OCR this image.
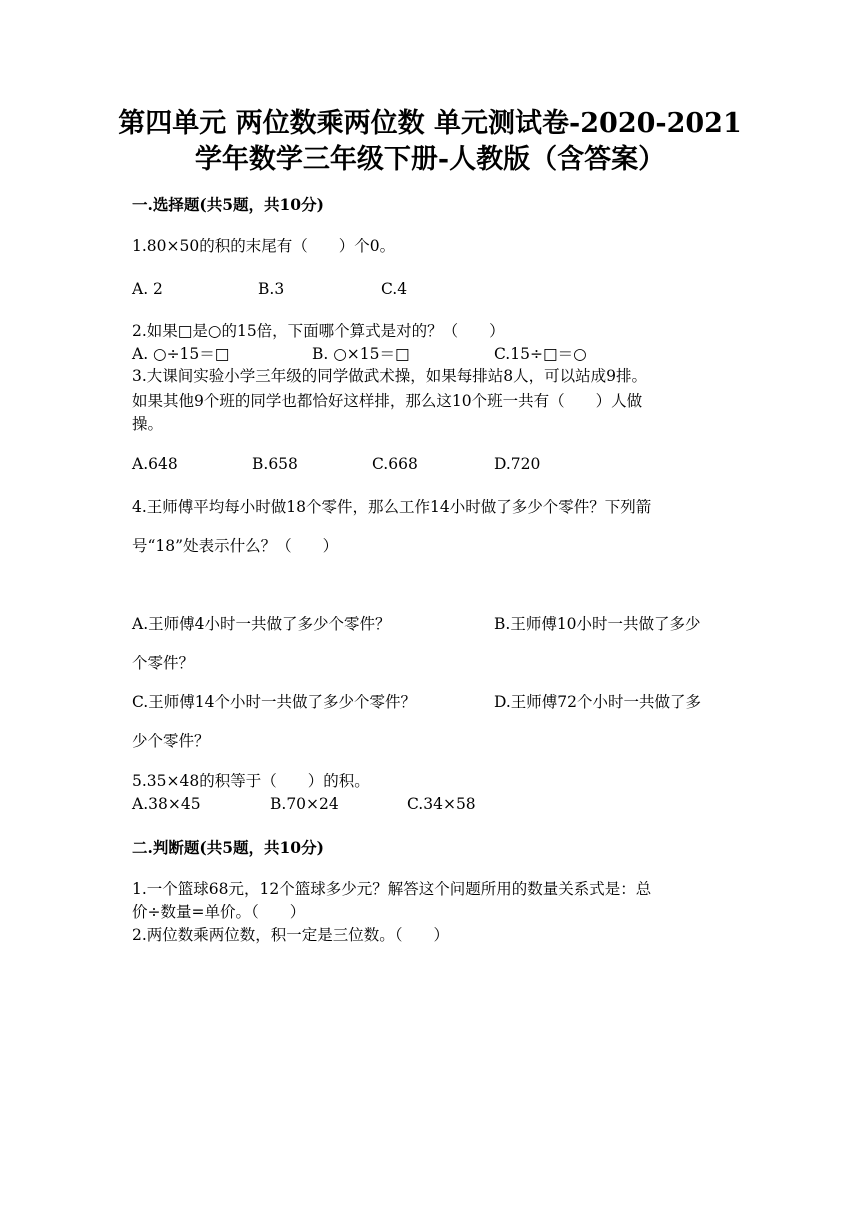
第四单元 两位数乘两位数 单元测试卷-2020-2021
学年数学三年级下册-人教版（含答案）
一.选择题(共5题，共10分)
1.80×50的积的末尾有（　　）个0。
A. 2	B.3	C.4
2.如果□是○的15倍，下面哪个算式是对的？（　　）
A. ○÷15＝□	B. ○×15＝□	C.15÷□＝○
3.大课间实验小学三年级的同学做武术操，如果每排站8人，可以站成9排。
如果其他9个班的同学也都恰好这样排，那么这10个班一共有（　　）人做
操。
A.648	B.658	C.668	D.720
4.王师傅平均每小时做18个零件，那么工作14小时做了多少个零件？下列箭
号“18”处表示什么？（　　）
A.王师傅4小时一共做了多少个零件？	B.王师傅10小时一共做了多少
个零件？
C.王师傅14个小时一共做了多少个零件？	D.王师傅72个小时一共做了多
少个零件？
5.35×48的积等于（　　）的积。
A.38×45	B.70×24	C.34×58
二.判断题(共5题，共10分)
1.一个篮球68元，12个篮球多少元？解答这个问题所用的数量关系式是：总
价÷数量=单价。（　　）
2.两位数乘两位数，积一定是三位数。（　　）
